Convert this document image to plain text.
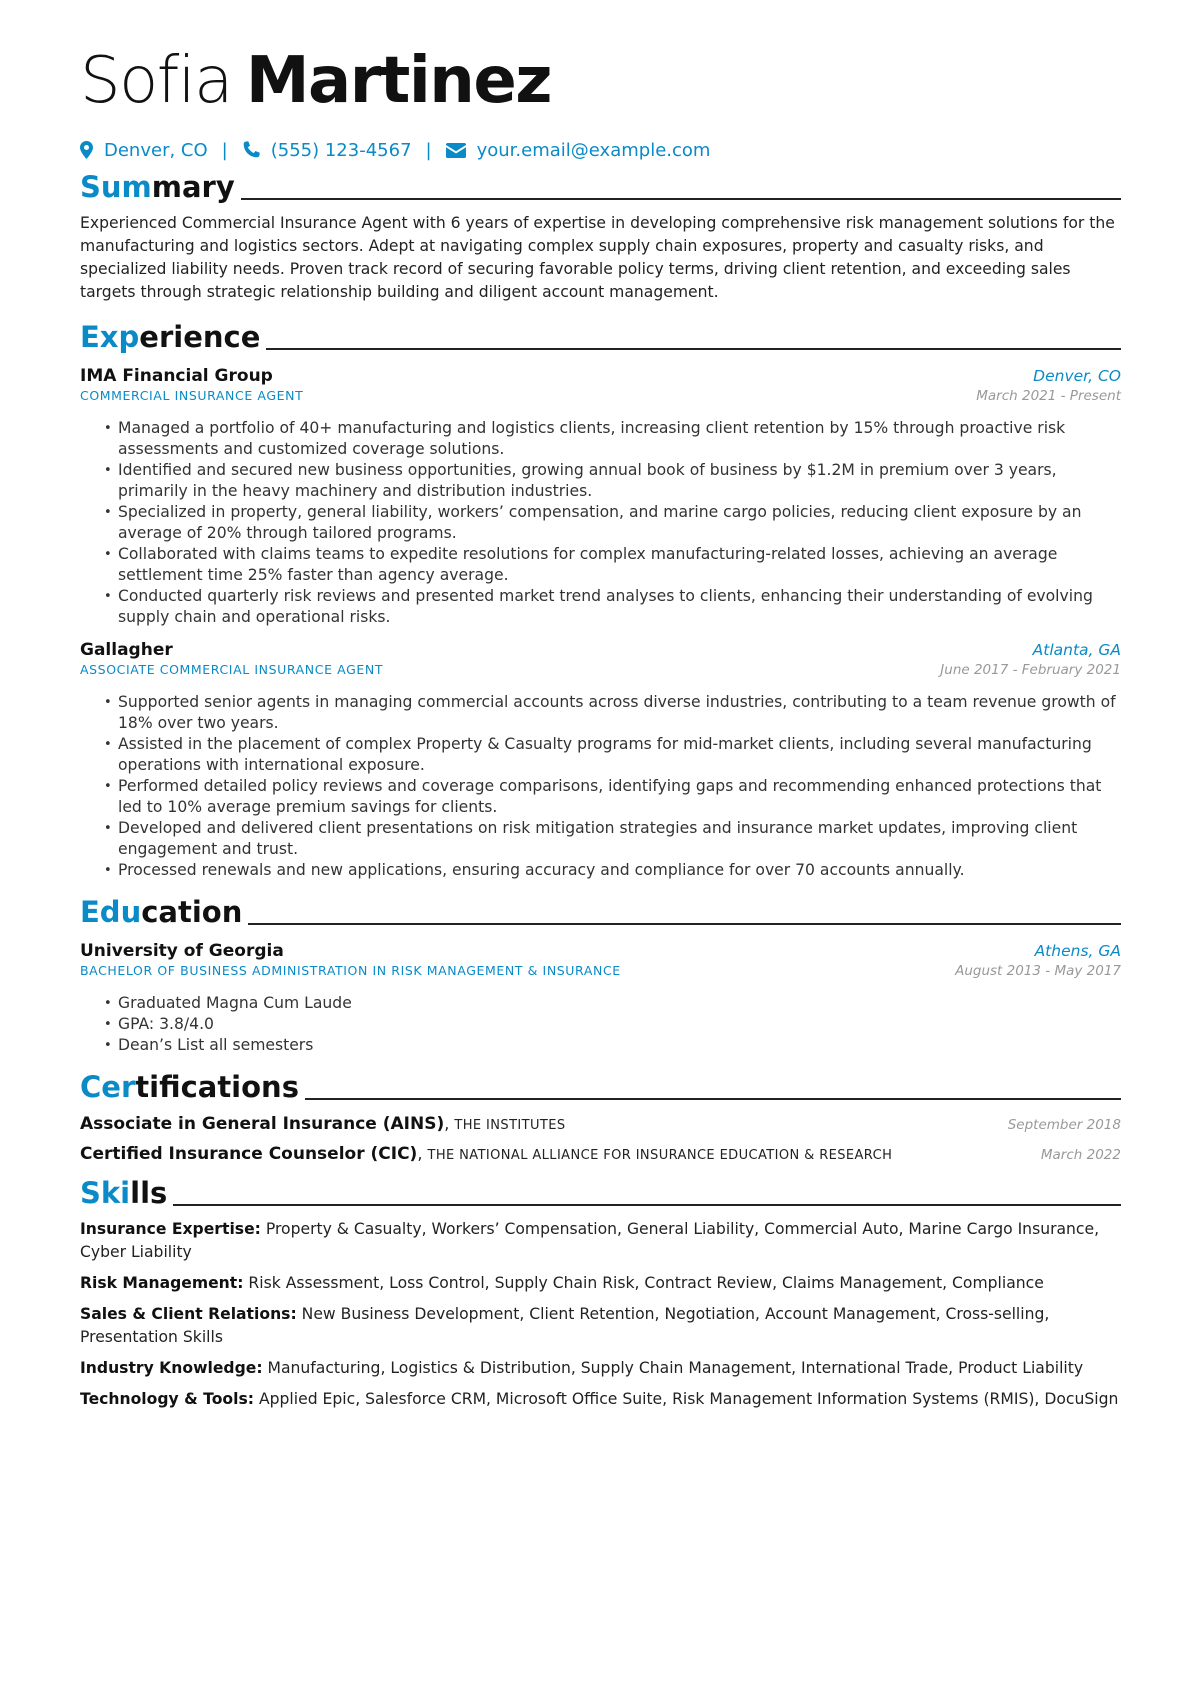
Sofia Martinez
Denver, CO | (555) 123-4567 |	your.email@example.com
Summary
Experienced Commercial Insurance Agent with 6 years of expertise in developing comprehensive risk management solutions for the manufacturing and logistics sectors. Adept at navigating complex supply chain exposures, property and casualty risks, and specialized liability needs. Proven track record of securing favorable policy terms, driving client retention, and exceeding sales targets through strategic relationship building and diligent account management.
Experience
IMA Financial Group	Denver, CO
COMMERCIAL INSURANCE AGENT	March 2021 - Present
• Managed a portfolio of 40+ manufacturing and logistics clients, increasing client retention by 15% through proactive risk assessments and customized coverage solutions.
• Identified and secured new business opportunities, growing annual book of business by $1.2M in premium over 3 years, primarily in the heavy machinery and distribution industries.
• Specialized in property, general liability, workers’ compensation, and marine cargo policies, reducing client exposure by an average of 20% through tailored programs.
• Collaborated with claims teams to expedite resolutions for complex manufacturing-related losses, achieving an average settlement time 25% faster than agency average.
• Conducted quarterly risk reviews and presented market trend analyses to clients, enhancing their understanding of evolving supply chain and operational risks.
Gallagher	Atlanta, GA
ASSOCIATE COMMERCIAL INSURANCE AGENT	June 2017 - February 2021
• Supported senior agents in managing commercial accounts across diverse industries, contributing to a team revenue growth of 18% over two years.
• Assisted in the placement of complex Property & Casualty programs for mid-market clients, including several manufacturing operations with international exposure.
• Performed detailed policy reviews and coverage comparisons, identifying gaps and recommending enhanced protections that led to 10% average premium savings for clients.
• Developed and delivered client presentations on risk mitigation strategies and insurance market updates, improving client engagement and trust.
• Processed renewals and new applications, ensuring accuracy and compliance for over 70 accounts annually.
Education
University of Georgia	Athens, GA
BACHELOR OF BUSINESS ADMINISTRATION IN RISK MANAGEMENT & INSURANCE	August 2013 - May 2017
• Graduated Magna Cum Laude
• GPA: 3.8/4.0
• Dean’s List all semesters
Certifications
Associate in General Insurance (AINS), THE INSTITUTES	September 2018
Certified Insurance Counselor (CIC), THE NATIONAL ALLIANCE FOR INSURANCE EDUCATION & RESEARCH	March 2022
Skills
Insurance Expertise: Property & Casualty, Workers’ Compensation, General Liability, Commercial Auto, Marine Cargo Insurance, Cyber Liability
Risk Management: Risk Assessment, Loss Control, Supply Chain Risk, Contract Review, Claims Management, Compliance
Sales & Client Relations: New Business Development, Client Retention, Negotiation, Account Management, Cross-selling, Presentation Skills
Industry Knowledge: Manufacturing, Logistics & Distribution, Supply Chain Management, International Trade, Product Liability
Technology & Tools: Applied Epic, Salesforce CRM, Microsoft Office Suite, Risk Management Information Systems (RMIS), DocuSign
